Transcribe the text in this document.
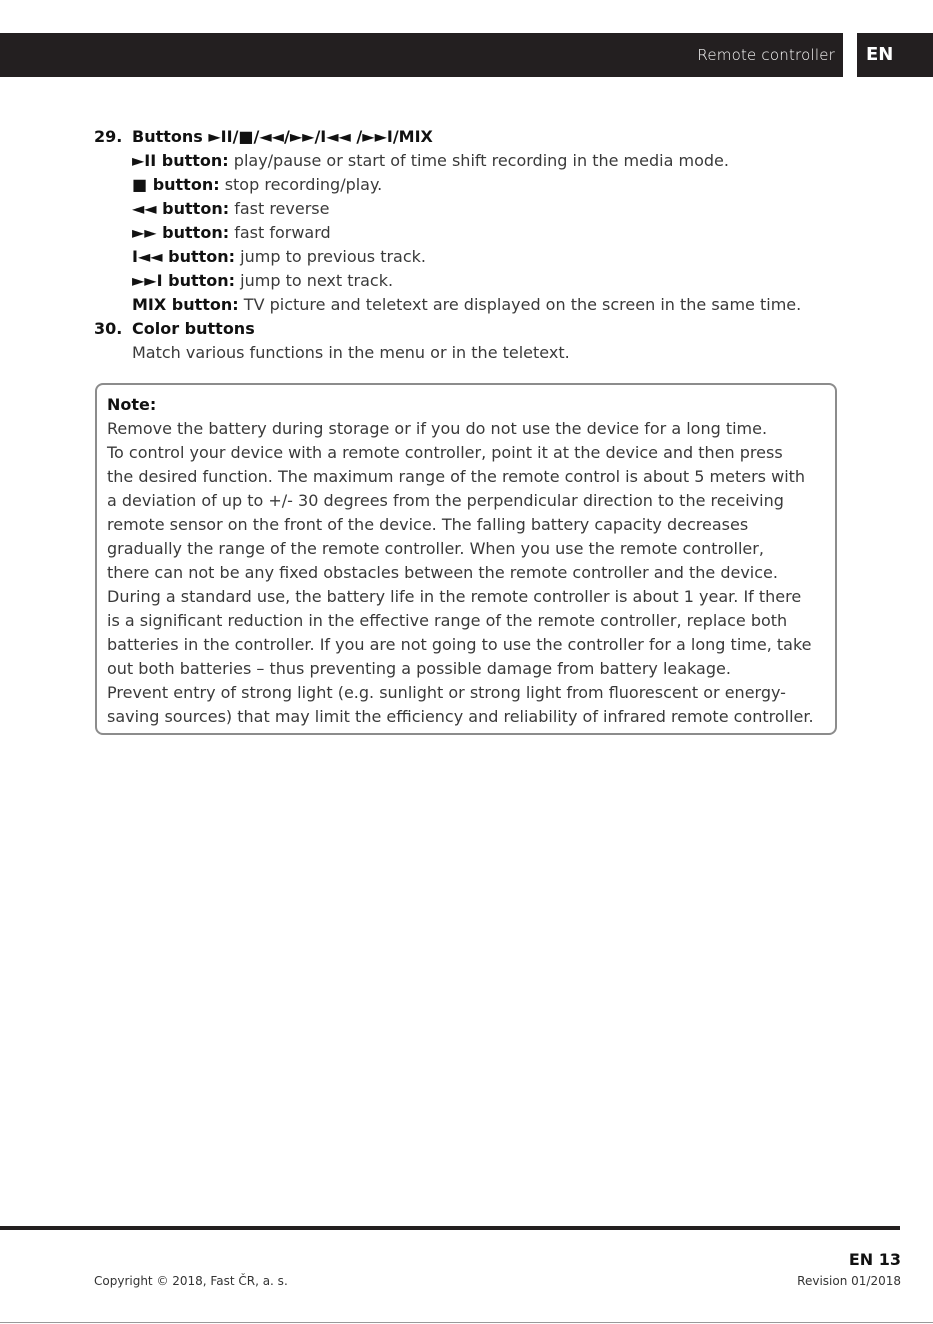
Remote controller	EN
29. Buttons ►II/■/◄◄/►►/I◄◄ /►►I/MIX
►II button: play/pause or start of time shift recording in the media mode.
■ button: stop recording/play.
◄◄ button: fast reverse
►► button: fast forward
I◄◄ button: jump to previous track.
►►I button: jump to next track.
MIX button: TV picture and teletext are displayed on the screen in the same time.
30. Color buttons
Match various functions in the menu or in the teletext.
Note:
Remove the battery during storage or if you do not use the device for a long time.
To control your device with a remote controller, point it at the device and then press
the desired function. The maximum range of the remote control is about 5 meters with
a deviation of up to +/- 30 degrees from the perpendicular direction to the receiving
remote sensor on the front of the device. The falling battery capacity decreases
gradually the range of the remote controller. When you use the remote controller,
there can not be any fixed obstacles between the remote controller and the device.
During a standard use, the battery life in the remote controller is about 1 year. If there
is a significant reduction in the effective range of the remote controller, replace both
batteries in the controller. If you are not going to use the controller for a long time, take
out both batteries – thus preventing a possible damage from battery leakage.
Prevent entry of strong light (e.g. sunlight or strong light from fluorescent or energy-
saving sources) that may limit the efficiency and reliability of infrared remote controller.
EN 13
Copyright © 2018, Fast ČR, a. s.	Revision 01/2018
